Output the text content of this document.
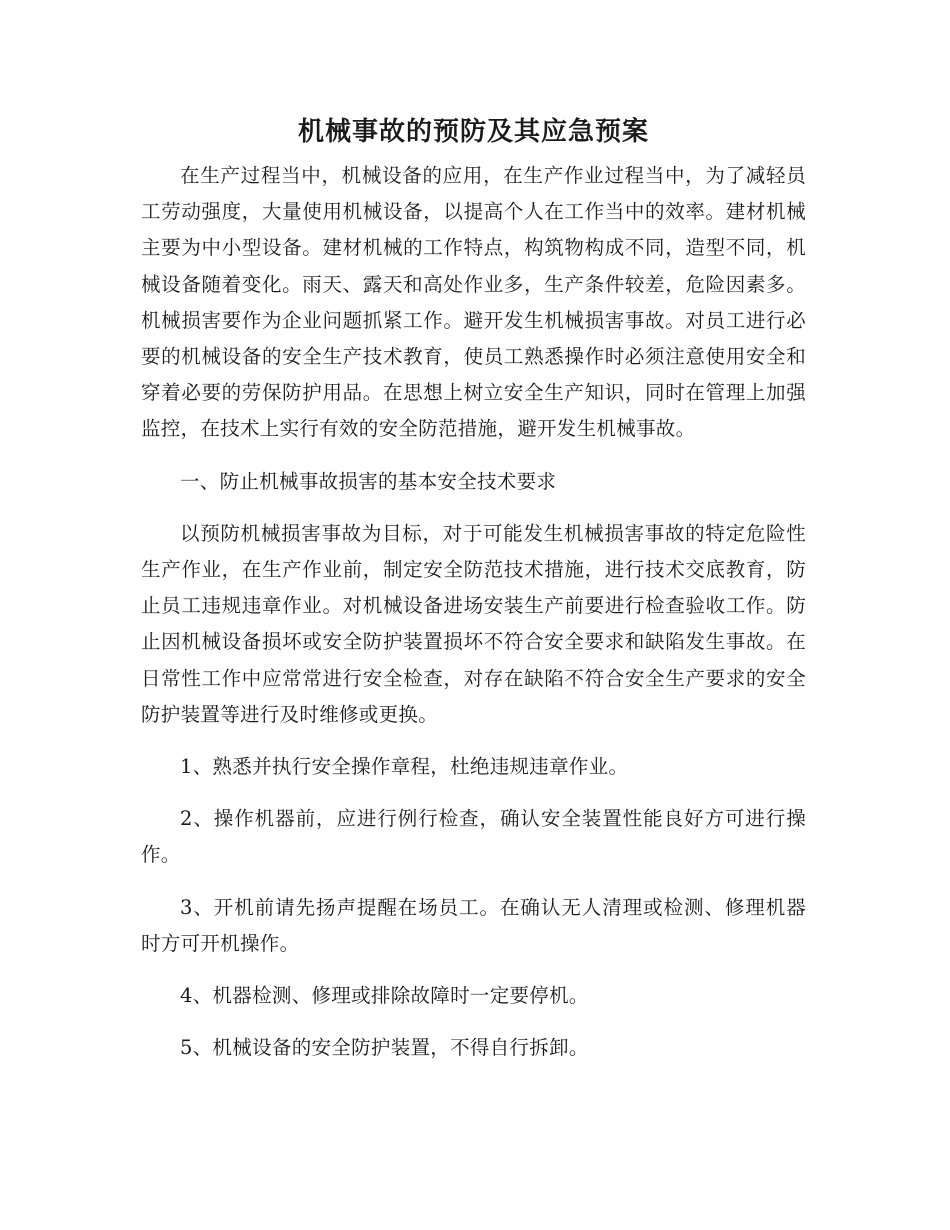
机械事故的预防及其应急预案

在生产过程当中，机械设备的应用，在生产作业过程当中，为了减轻员工劳动强度，大量使用机械设备，以提高个人在工作当中的效率。建材机械主要为中小型设备。建材机械的工作特点，构筑物构成不同，造型不同，机械设备随着变化。雨天、露天和高处作业多，生产条件较差，危险因素多。机械损害要作为企业问题抓紧工作。避开发生机械损害事故。对员工进行必要的机械设备的安全生产技术教育，使员工熟悉操作时必须注意使用安全和穿着必要的劳保防护用品。在思想上树立安全生产知识，同时在管理上加强监控，在技术上实行有效的安全防范措施，避开发生机械事故。

一、防止机械事故损害的基本安全技术要求

以预防机械损害事故为目标，对于可能发生机械损害事故的特定危险性生产作业，在生产作业前，制定安全防范技术措施，进行技术交底教育，防止员工违规违章作业。对机械设备进场安装生产前要进行检查验收工作。防止因机械设备损坏或安全防护装置损坏不符合安全要求和缺陷发生事故。在日常性工作中应常常进行安全检查，对存在缺陷不符合安全生产要求的安全防护装置等进行及时维修或更换。

1、熟悉并执行安全操作章程，杜绝违规违章作业。

2、操作机器前，应进行例行检查，确认安全装置性能良好方可进行操作。

3、开机前请先扬声提醒在场员工。在确认无人清理或检测、修理机器时方可开机操作。

4、机器检测、修理或排除故障时一定要停机。

5、机械设备的安全防护装置，不得自行拆卸。
